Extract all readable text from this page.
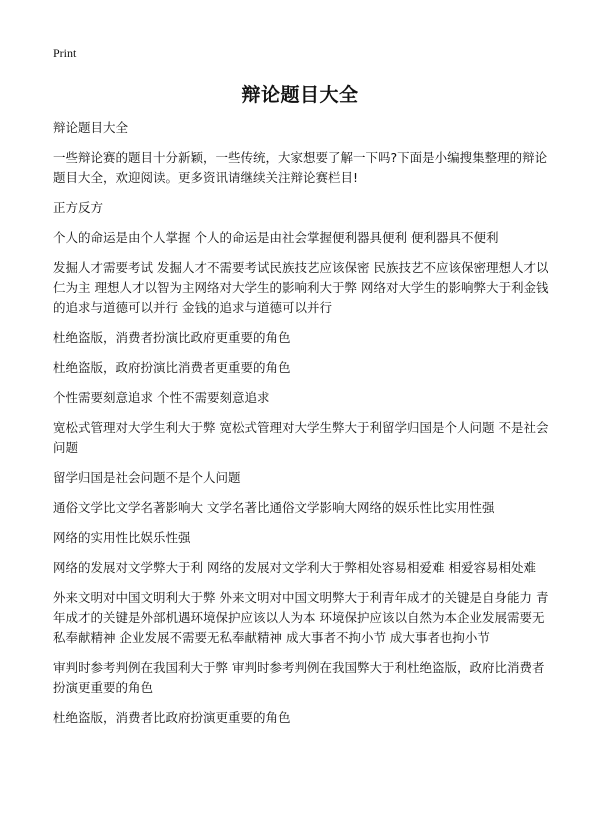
Print
辩论题目大全

辩论题目大全

一些辩论赛的题目十分新颖，一些传统，大家想要了解一下吗?下面是小编搜集整理的辩论题目大全，欢迎阅读。更多资讯请继续关注辩论赛栏目!

正方反方

个人的命运是由个人掌握 个人的命运是由社会掌握便利器具便利 便利器具不便利

发掘人才需要考试 发掘人才不需要考试民族技艺应该保密 民族技艺不应该保密理想人才以仁为主 理想人才以智为主网络对大学生的影响利大于弊 网络对大学生的影响弊大于利金钱的追求与道德可以并行 金钱的追求与道德可以并行

杜绝盗版，消费者扮演比政府更重要的角色

杜绝盗版，政府扮演比消费者更重要的角色

个性需要刻意追求 个性不需要刻意追求

宽松式管理对大学生利大于弊 宽松式管理对大学生弊大于利留学归国是个人问题 不是社会问题

留学归国是社会问题不是个人问题

通俗文学比文学名著影响大 文学名著比通俗文学影响大网络的娱乐性比实用性强

网络的实用性比娱乐性强

网络的发展对文学弊大于利 网络的发展对文学利大于弊相处容易相爱难 相爱容易相处难

外来文明对中国文明利大于弊 外来文明对中国文明弊大于利青年成才的关键是自身能力 青年成才的关键是外部机遇环境保护应该以人为本 环境保护应该以自然为本企业发展需要无私奉献精神 企业发展不需要无私奉献精神 成大事者不拘小节 成大事者也拘小节

审判时参考判例在我国利大于弊 审判时参考判例在我国弊大于利杜绝盗版，政府比消费者扮演更重要的角色

杜绝盗版，消费者比政府扮演更重要的角色
